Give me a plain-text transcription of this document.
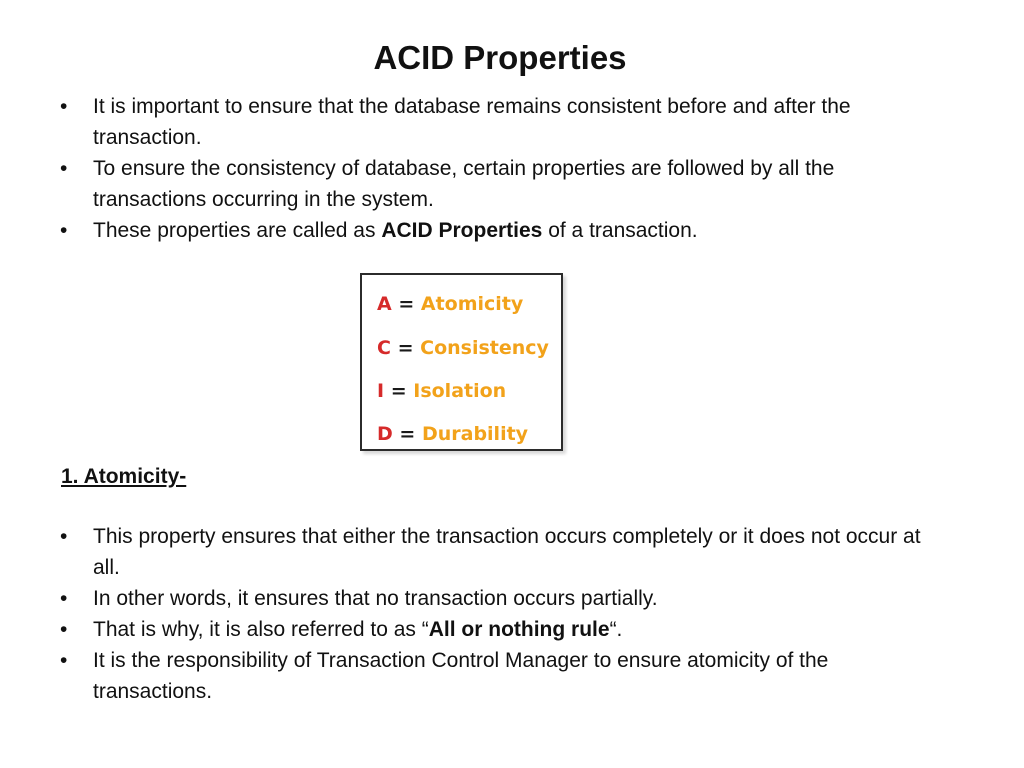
ACID Properties
• It is important to ensure that the database remains consistent before and after the transaction.
• To ensure the consistency of database, certain properties are followed by all the transactions occurring in the system.
• These properties are called as ACID Properties of a transaction.
A = Atomicity
C = Consistency
I = Isolation
D = Durability
1. Atomicity-
• This property ensures that either the transaction occurs completely or it does not occur at all.
• In other words, it ensures that no transaction occurs partially.
• That is why, it is also referred to as “All or nothing rule“.
• It is the responsibility of Transaction Control Manager to ensure atomicity of the transactions.
